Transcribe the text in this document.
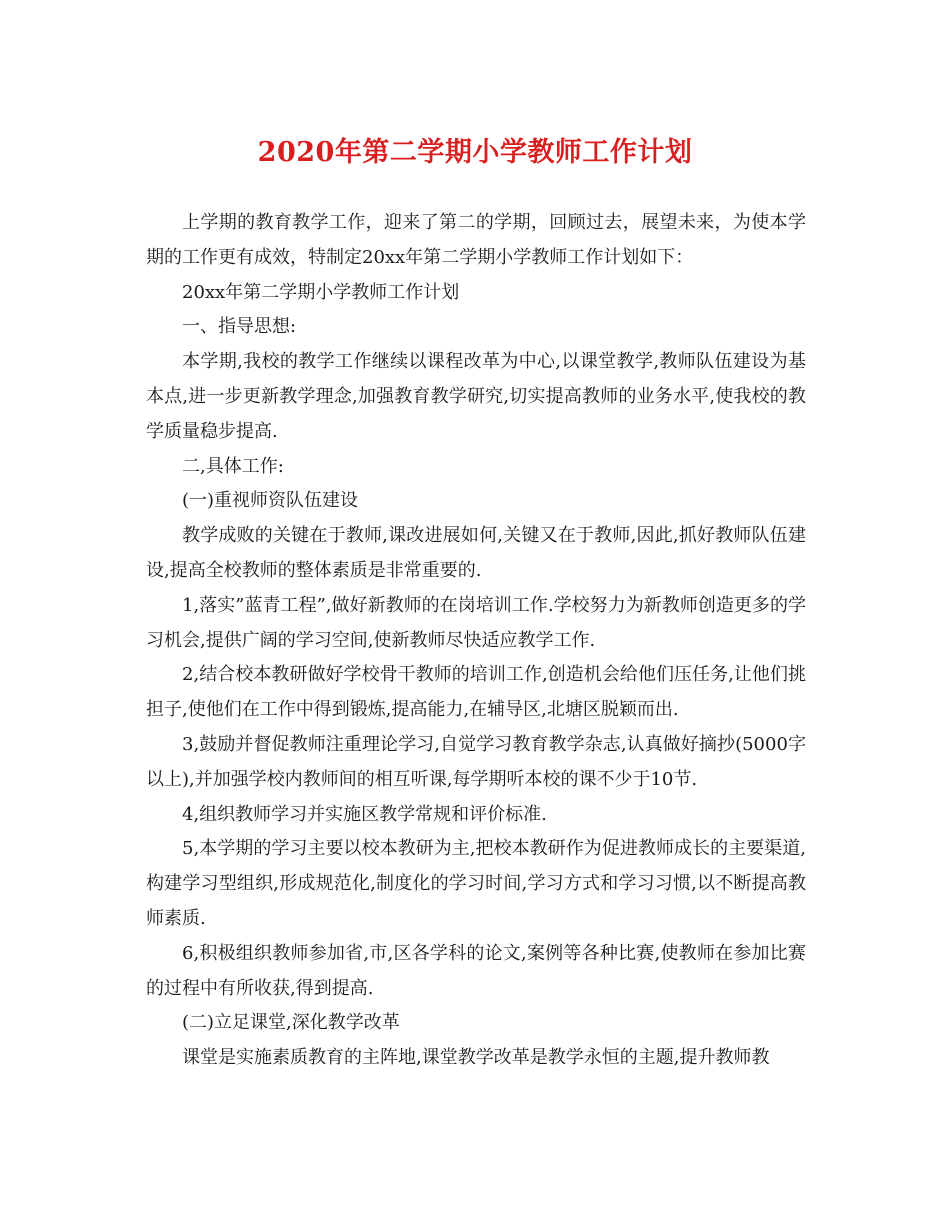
2020年第二学期小学教师工作计划

上学期的教育教学工作，迎来了第二的学期，回顾过去，展望未来，为使本学期的工作更有成效，特制定20xx年第二学期小学教师工作计划如下：

20xx年第二学期小学教师工作计划

一、指导思想:

本学期,我校的教学工作继续以课程改革为中心,以课堂教学,教师队伍建设为基本点,进一步更新教学理念,加强教育教学研究,切实提高教师的业务水平,使我校的教学质量稳步提高.

二,具体工作:

(一)重视师资队伍建设

教学成败的关键在于教师,课改进展如何,关键又在于教师,因此,抓好教师队伍建设,提高全校教师的整体素质是非常重要的.

1,落实”蓝青工程”,做好新教师的在岗培训工作.学校努力为新教师创造更多的学习机会,提供广阔的学习空间,使新教师尽快适应教学工作.

2,结合校本教研做好学校骨干教师的培训工作,创造机会给他们压任务,让他们挑担子,使他们在工作中得到锻炼,提高能力,在辅导区,北塘区脱颖而出.

3,鼓励并督促教师注重理论学习,自觉学习教育教学杂志,认真做好摘抄(5000字以上),并加强学校内教师间的相互听课,每学期听本校的课不少于10节.

4,组织教师学习并实施区教学常规和评价标准.

5,本学期的学习主要以校本教研为主,把校本教研作为促进教师成长的主要渠道,构建学习型组织,形成规范化,制度化的学习时间,学习方式和学习习惯,以不断提高教师素质.

6,积极组织教师参加省,市,区各学科的论文,案例等各种比赛,使教师在参加比赛的过程中有所收获,得到提高.

(二)立足课堂,深化教学改革

课堂是实施素质教育的主阵地,课堂教学改革是教学永恒的主题,提升教师教
